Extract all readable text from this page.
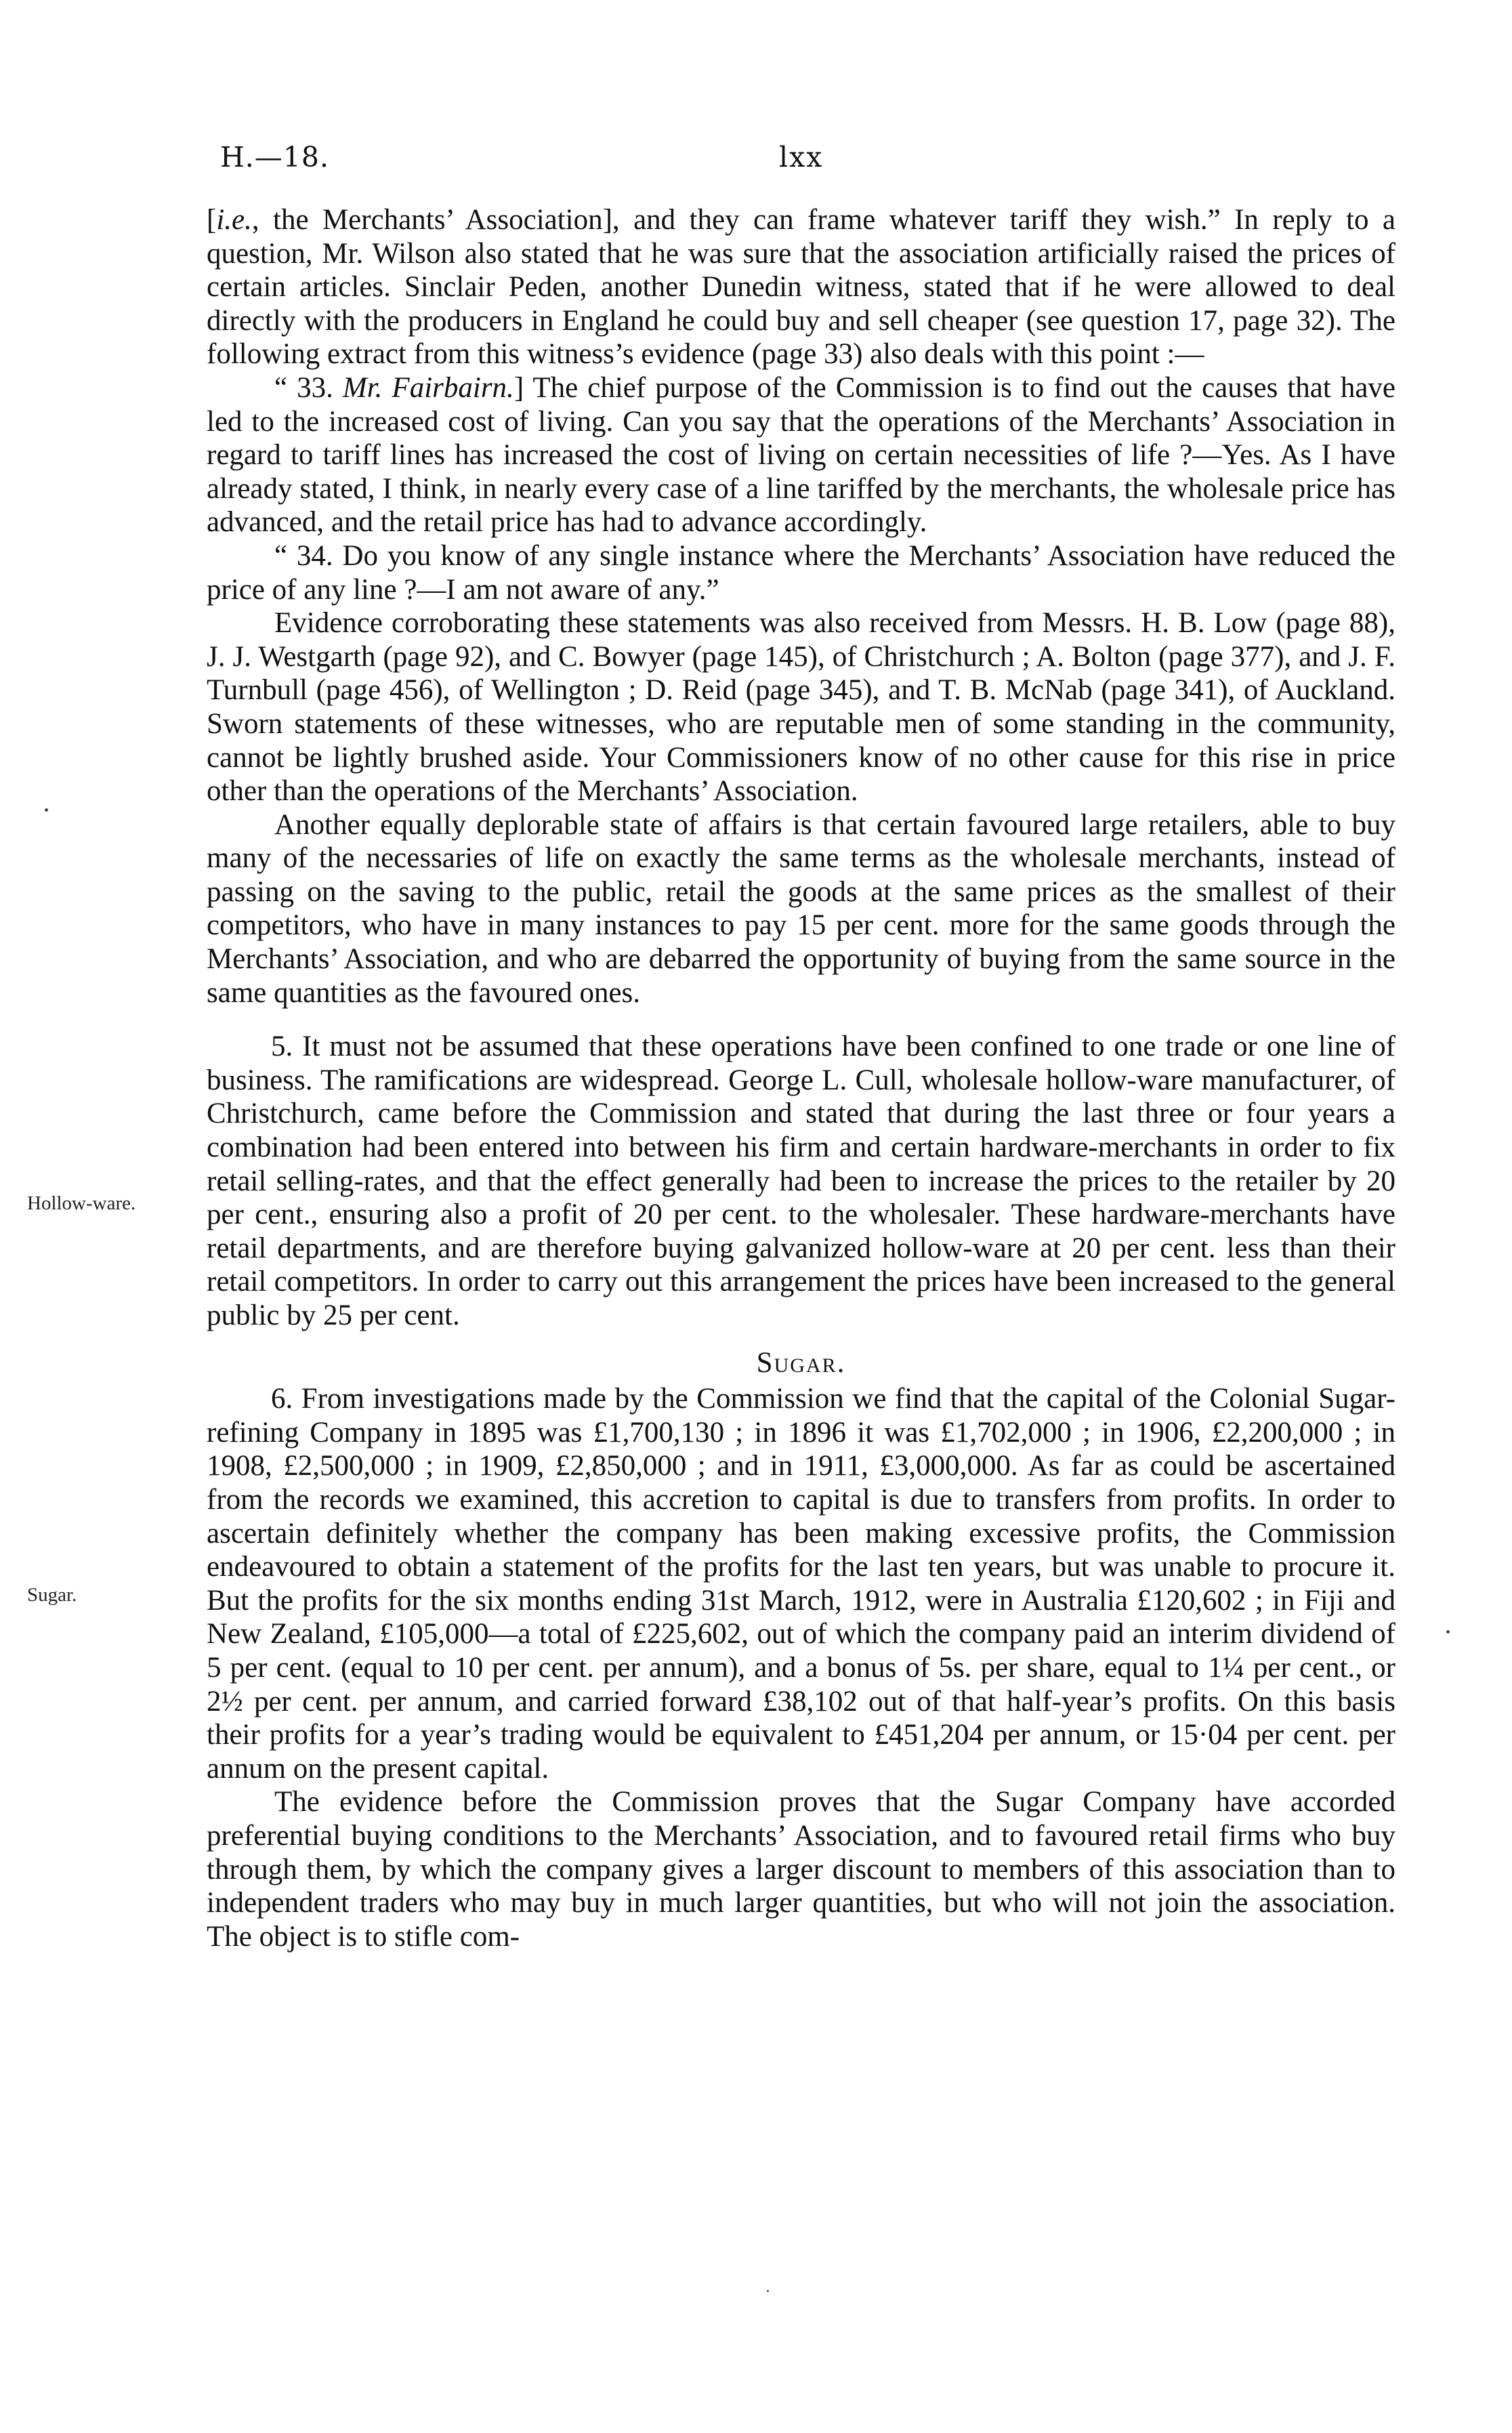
H.—18.	lxx
Hollow-ware.
Sugar.

[i.e., the Merchants’ Association], and they can frame whatever tariff they wish.” In reply to a question, Mr. Wilson also stated that he was sure that the association artificially raised the prices of certain articles. Sinclair Peden, another Dunedin witness, stated that if he were allowed to deal directly with the producers in England he could buy and sell cheaper (see question 17, page 32). The following extract from this witness’s evidence (page 33) also deals with this point :—

“ 33. Mr. Fairbairn.] The chief purpose of the Commission is to find out the causes that have led to the increased cost of living. Can you say that the operations of the Merchants’ Association in regard to tariff lines has increased the cost of living on certain necessities of life ?—Yes. As I have already stated, I think, in nearly every case of a line tariffed by the merchants, the wholesale price has advanced, and the retail price has had to advance accordingly.

“ 34. Do you know of any single instance where the Merchants’ Association have reduced the price of any line ?—I am not aware of any.”

Evidence corroborating these statements was also received from Messrs. H. B. Low (page 88), J. J. Westgarth (page 92), and C. Bowyer (page 145), of Christchurch ; A. Bolton (page 377), and J. F. Turnbull (page 456), of Wellington ; D. Reid (page 345), and T. B. McNab (page 341), of Auckland. Sworn statements of these witnesses, who are reputable men of some standing in the community, cannot be lightly brushed aside. Your Commissioners know of no other cause for this rise in price other than the operations of the Merchants’ Association.

Another equally deplorable state of affairs is that certain favoured large retailers, able to buy many of the necessaries of life on exactly the same terms as the wholesale merchants, instead of passing on the saving to the public, retail the goods at the same prices as the smallest of their competitors, who have in many instances to pay 15 per cent. more for the same goods through the Merchants’ Association, and who are debarred the opportunity of buying from the same source in the same quantities as the favoured ones.

5. It must not be assumed that these operations have been confined to one trade or one line of business. The ramifications are widespread. George L. Cull, wholesale hollow-ware manufacturer, of Christchurch, came before the Commission and stated that during the last three or four years a combination had been entered into between his firm and certain hardware-merchants in order to fix retail selling-rates, and that the effect generally had been to increase the prices to the retailer by 20 per cent., ensuring also a profit of 20 per cent. to the wholesaler. These hardware-merchants have retail departments, and are therefore buying galvanized hollow-ware at 20 per cent. less than their retail competitors. In order to carry out this arrangement the prices have been increased to the general public by 25 per cent.

Sugar.

6. From investigations made by the Commission we find that the capital of the Colonial Sugar-refining Company in 1895 was £1,700,130 ; in 1896 it was £1,702,000 ; in 1906, £2,200,000 ; in 1908, £2,500,000 ; in 1909, £2,850,000 ; and in 1911, £3,000,000. As far as could be ascertained from the records we examined, this accretion to capital is due to transfers from profits. In order to ascertain definitely whether the company has been making excessive profits, the Commission endeavoured to obtain a statement of the profits for the last ten years, but was unable to procure it. But the profits for the six months ending 31st March, 1912, were in Australia £120,602 ; in Fiji and New Zealand, £105,000—a total of £225,602, out of which the company paid an interim dividend of 5 per cent. (equal to 10 per cent. per annum), and a bonus of 5s. per share, equal to 1¼ per cent., or 2½ per cent. per annum, and carried forward £38,102 out of that half-year’s profits. On this basis their profits for a year’s trading would be equivalent to £451,204 per annum, or 15·04 per cent. per annum on the present capital.

The evidence before the Commission proves that the Sugar Company have accorded preferential buying conditions to the Merchants’ Association, and to favoured retail firms who buy through them, by which the company gives a larger discount to members of this association than to independent traders who may buy in much larger quantities, but who will not join the association. The object is to stifle com-
